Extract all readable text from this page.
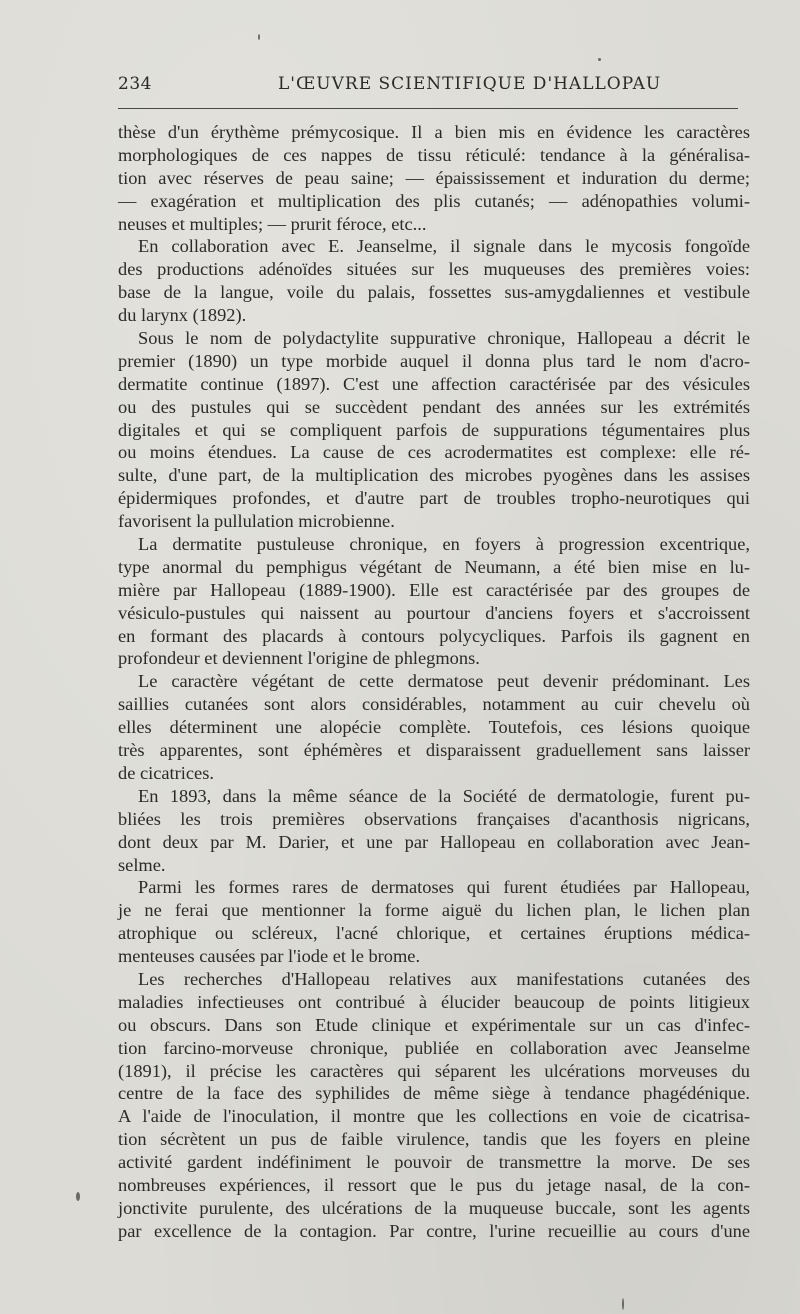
234	L'ŒUVRE SCIENTIFIQUE D'HALLOPAU
thèse d'un érythème prémycosique. Il a bien mis en évidence les caractères
morphologiques de ces nappes de tissu réticulé: tendance à la généralisa-
tion avec réserves de peau saine; — épaississement et induration du derme;
— exagération et multiplication des plis cutanés; — adénopathies volumi-
neuses et multiples; — prurit féroce, etc...
En collaboration avec E. Jeanselme, il signale dans le mycosis fongoïde
des productions adénoïdes situées sur les muqueuses des premières voies:
base de la langue, voile du palais, fossettes sus-amygdaliennes et vestibule
du larynx (1892).
Sous le nom de polydactylite suppurative chronique, Hallopeau a décrit le
premier (1890) un type morbide auquel il donna plus tard le nom d'acro-
dermatite continue (1897). C'est une affection caractérisée par des vésicules
ou des pustules qui se succèdent pendant des années sur les extrémités
digitales et qui se compliquent parfois de suppurations tégumentaires plus
ou moins étendues. La cause de ces acrodermatites est complexe: elle ré-
sulte, d'une part, de la multiplication des microbes pyogènes dans les assises
épidermiques profondes, et d'autre part de troubles tropho-neurotiques qui
favorisent la pullulation microbienne.
La dermatite pustuleuse chronique, en foyers à progression excentrique,
type anormal du pemphigus végétant de Neumann, a été bien mise en lu-
mière par Hallopeau (1889-1900). Elle est caractérisée par des groupes de
vésiculo-pustules qui naissent au pourtour d'anciens foyers et s'accroissent
en formant des placards à contours polycycliques. Parfois ils gagnent en
profondeur et deviennent l'origine de phlegmons.
Le caractère végétant de cette dermatose peut devenir prédominant. Les
saillies cutanées sont alors considérables, notamment au cuir chevelu où
elles déterminent une alopécie complète. Toutefois, ces lésions quoique
très apparentes, sont éphémères et disparaissent graduellement sans laisser
de cicatrices.
En 1893, dans la même séance de la Société de dermatologie, furent pu-
bliées les trois premières observations françaises d'acanthosis nigricans,
dont deux par M. Darier, et une par Hallopeau en collaboration avec Jean-
selme.
Parmi les formes rares de dermatoses qui furent étudiées par Hallopeau,
je ne ferai que mentionner la forme aiguë du lichen plan, le lichen plan
atrophique ou scléreux, l'acné chlorique, et certaines éruptions médica-
menteuses causées par l'iode et le brome.
Les recherches d'Hallopeau relatives aux manifestations cutanées des
maladies infectieuses ont contribué à élucider beaucoup de points litigieux
ou obscurs. Dans son Etude clinique et expérimentale sur un cas d'infec-
tion farcino-morveuse chronique, publiée en collaboration avec Jeanselme
(1891), il précise les caractères qui séparent les ulcérations morveuses du
centre de la face des syphilides de même siège à tendance phagédénique.
A l'aide de l'inoculation, il montre que les collections en voie de cicatrisa-
tion sécrètent un pus de faible virulence, tandis que les foyers en pleine
activité gardent indéfiniment le pouvoir de transmettre la morve. De ses
nombreuses expériences, il ressort que le pus du jetage nasal, de la con-
jonctivite purulente, des ulcérations de la muqueuse buccale, sont les agents
par excellence de la contagion. Par contre, l'urine recueillie au cours d'une
